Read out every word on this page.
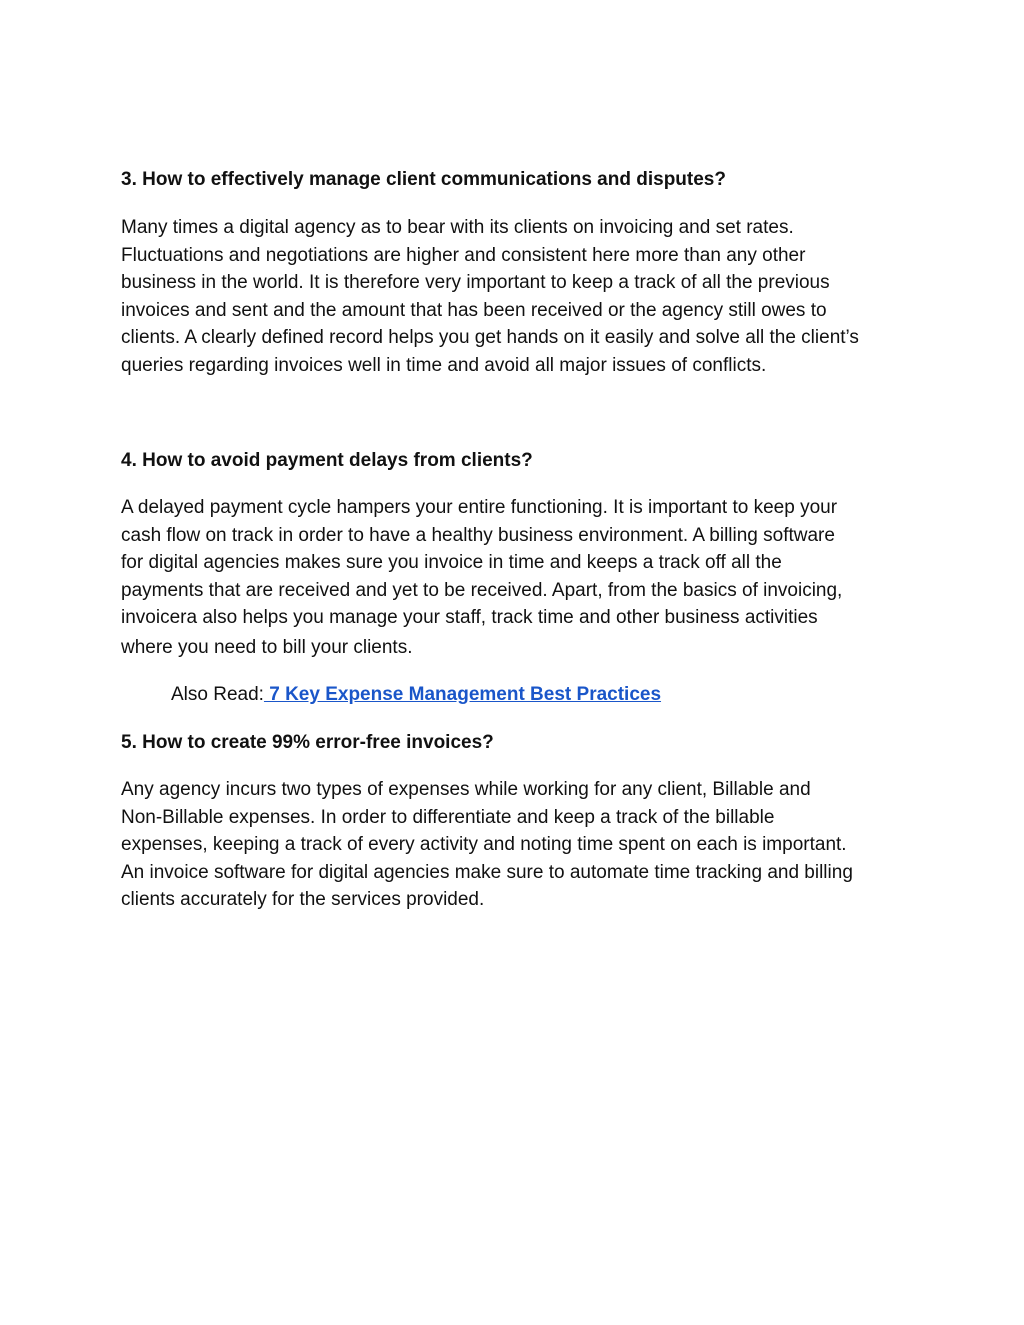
3. How to effectively manage client communications and disputes?

Many times a digital agency as to bear with its clients on invoicing and set rates.
Fluctuations and negotiations are higher and consistent here more than any other
business in the world. It is therefore very important to keep a track of all the previous
invoices and sent and the amount that has been received or the agency still owes to
clients. A clearly defined record helps you get hands on it easily and solve all the client’s
queries regarding invoices well in time and avoid all major issues of conflicts.

4. How to avoid payment delays from clients?

A delayed payment cycle hampers your entire functioning. It is important to keep your
cash flow on track in order to have a healthy business environment. A billing software
for digital agencies makes sure you invoice in time and keeps a track off all the
payments that are received and yet to be received. Apart, from the basics of invoicing,
invoicera also helps you manage your staff, track time and other business activities
where you need to bill your clients.

Also Read: 7 Key Expense Management Best Practices
5. How to create 99% error-free invoices?

Any agency incurs two types of expenses while working for any client, Billable and
Non-Billable expenses. In order to differentiate and keep a track of the billable
expenses, keeping a track of every activity and noting time spent on each is important.
An invoice software for digital agencies make sure to automate time tracking and billing
clients accurately for the services provided.
